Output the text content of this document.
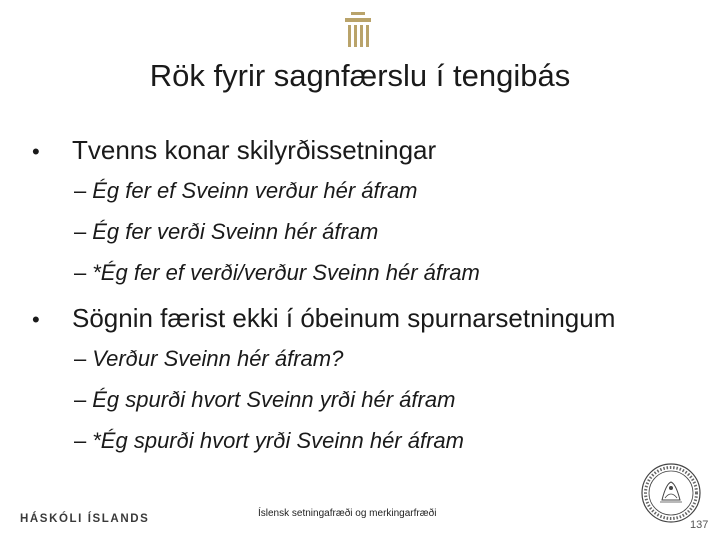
Rök fyrir sagnfærslu í tengibás
•	Tvenns konar skilyrðissetningar
– Ég fer ef Sveinn verður hér áfram
– Ég fer verði Sveinn hér áfram
– *Ég fer ef verði/verður Sveinn hér áfram
•	Sögnin færist ekki í óbeinum spurnarsetningum
– Verður Sveinn hér áfram?
– Ég spurði hvort Sveinn yrði hér áfram
– *Ég spurði hvort yrði Sveinn hér áfram
HÁSKÓLI ÍSLANDS	Íslensk setningafræði og merkingarfræði
137
